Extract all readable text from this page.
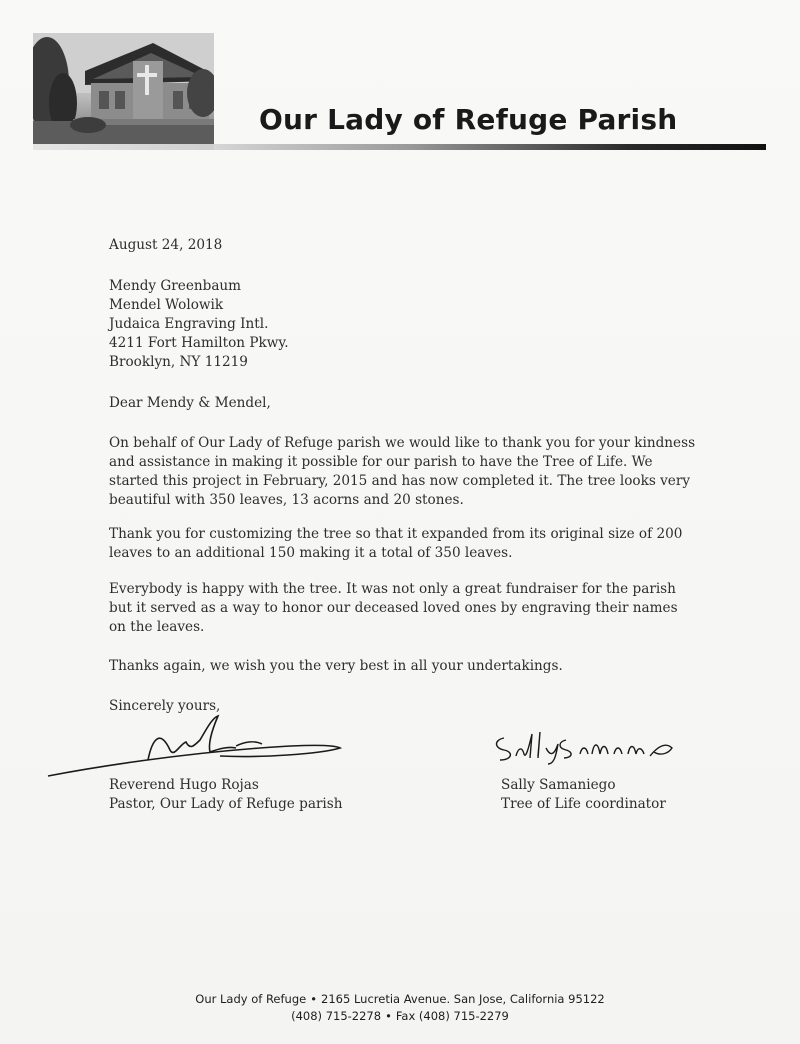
Our Lady of Refuge Parish
August 24, 2018
Mendy Greenbaum
Mendel Wolowik
Judaica Engraving Intl.
4211 Fort Hamilton Pkwy.
Brooklyn, NY 11219
Dear Mendy & Mendel,
On behalf of Our Lady of Refuge parish we would like to thank you for your kindness
and assistance in making it possible for our parish to have the Tree of Life. We
started this project in February, 2015 and has now completed it. The tree looks very
beautiful with 350 leaves, 13 acorns and 20 stones.
Thank you for customizing the tree so that it expanded from its original size of 200
leaves to an additional 150 making it a total of 350 leaves.
Everybody is happy with the tree. It was not only a great fundraiser for the parish
but it served as a way to honor our deceased loved ones by engraving their names
on the leaves.
Thanks again, we wish you the very best in all your undertakings.
Sincerely yours,
Reverend Hugo Rojas
Pastor, Our Lady of Refuge parish
Sally Samaniego
Tree of Life coordinator
Our Lady of Refuge • 2165 Lucretia Avenue. San Jose, California 95122
(408) 715-2278 • Fax (408) 715-2279
